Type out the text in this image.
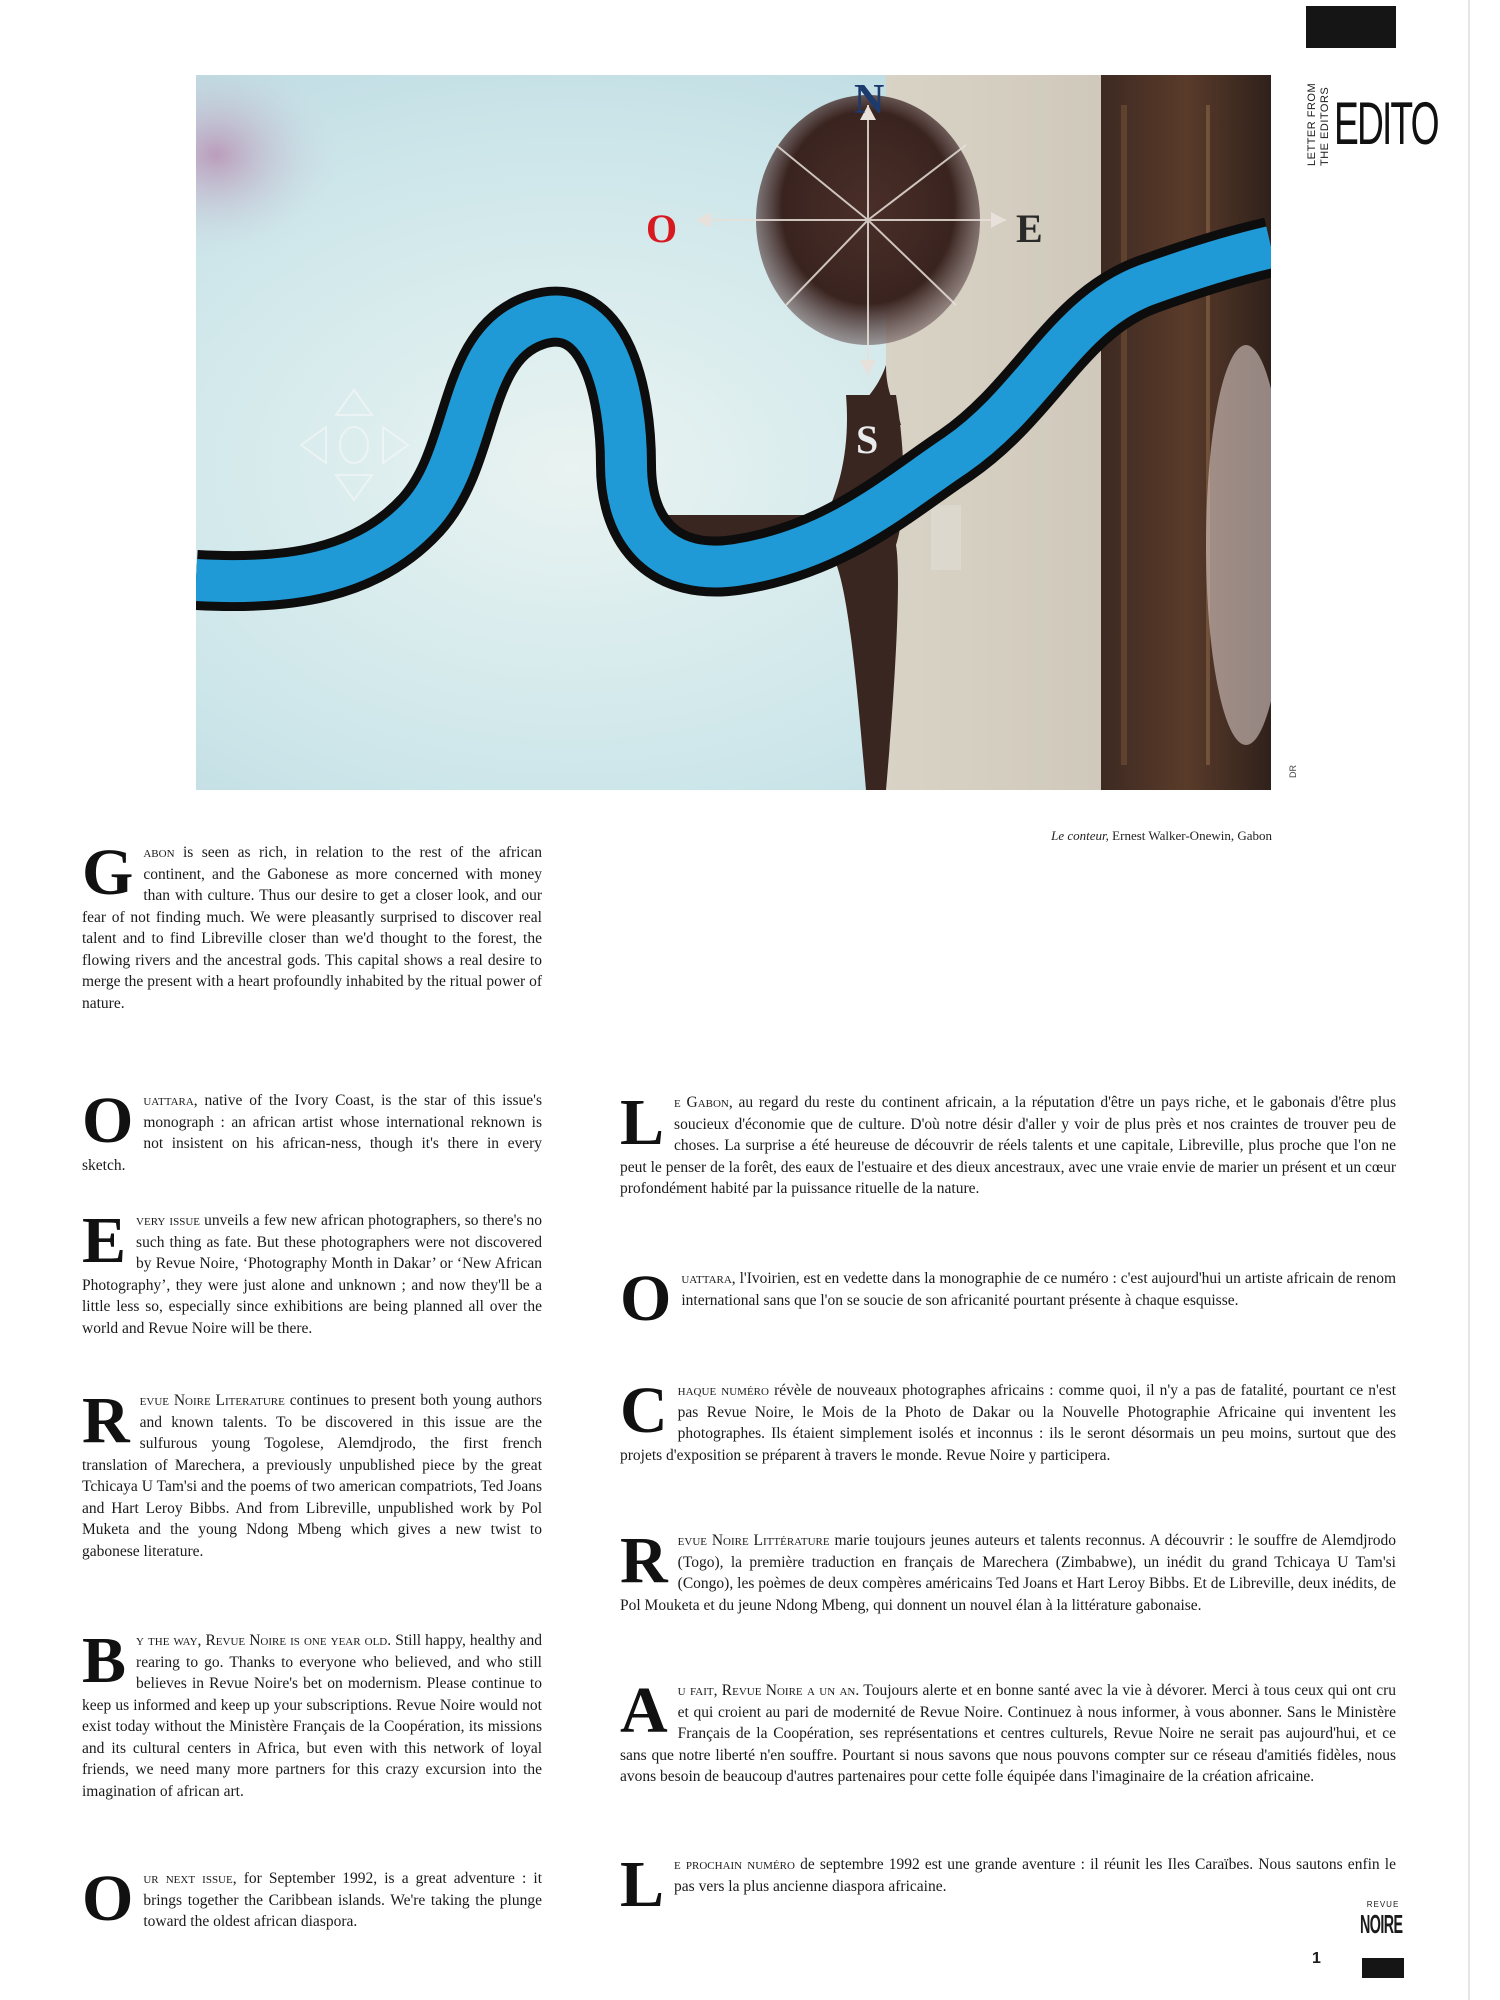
LETTER FROM THE EDITORS EDITO
O	E
N
S
DR
Le conteur, Ernest Walker-Onewin, Gabon
G abon is seen as rich, in relation to the rest of the african continent, and the Gabonese as more concerned with money than with culture. Thus our desire to get a closer look, and our fear of not finding much. We were pleasantly surprised to discover real talent and to find Libreville closer than we'd thought to the forest, the flowing rivers and the ancestral gods. This capital shows a real desire to merge the present with a heart profoundly inhabited by the ritual power of nature.

O uattara, native of the Ivory Coast, is the star of this issue's monograph : an african artist whose international reknown is not insistent on his african-ness, though it's there in every sketch.

E very issue unveils a few new african photographers, so there's no such thing as fate. But these photographers were not discovered by Revue Noire, ‘Photography Month in Dakar’ or ‘New African Photography’, they were just alone and unknown ; and now they'll be a little less so, especially since exhibitions are being planned all over the world and Revue Noire will be there.

R evue Noire Literature continues to present both young authors and known talents. To be discovered in this issue are the sulfurous young Togolese, Alemdjrodo, the first french translation of Marechera, a previously unpublished piece by the great Tchicaya U Tam'si and the poems of two american compatriots, Ted Joans and Hart Leroy Bibbs. And from Libreville, unpublished work by Pol Muketa and the young Ndong Mbeng which gives a new twist to gabonese literature.

B y the way, Revue Noire is one year old. Still happy, healthy and rearing to go. Thanks to everyone who believed, and who still believes in Revue Noire's bet on modernism. Please continue to keep us informed and keep up your subscriptions. Revue Noire would not exist today without the Ministère Français de la Coopération, its missions and its cultural centers in Africa, but even with this network of loyal friends, we need many more partners for this crazy excursion into the imagination of african art.

O ur next issue, for September 1992, is a great adventure : it brings together the Caribbean islands. We're taking the plunge toward the oldest african diaspora.

L e Gabon, au regard du reste du continent africain, a la réputation d'être un pays riche, et le gabonais d'être plus soucieux d'économie que de culture. D'où notre désir d'aller y voir de plus près et nos craintes de trouver peu de choses. La surprise a été heureuse de découvrir de réels talents et une capitale, Libreville, plus proche que l'on ne peut le penser de la forêt, des eaux de l'estuaire et des dieux ancestraux, avec une vraie envie de marier un présent et un cœur profondément habité par la puissance rituelle de la nature.

O uattara, l'Ivoirien, est en vedette dans la monographie de ce numéro : c'est aujourd'hui un artiste africain de renom international sans que l'on se soucie de son africanité pourtant présente à chaque esquisse.

C haque numéro révèle de nouveaux photographes africains : comme quoi, il n'y a pas de fatalité, pourtant ce n'est pas Revue Noire, le Mois de la Photo de Dakar ou la Nouvelle Photographie Africaine qui inventent les photographes. Ils étaient simplement isolés et inconnus : ils le seront désormais un peu moins, surtout que des projets d'exposition se préparent à travers le monde. Revue Noire y participera.

R evue Noire Littérature marie toujours jeunes auteurs et talents reconnus. A découvrir : le souffre de Alemdjrodo (Togo), la première traduction en français de Marechera (Zimbabwe), un inédit du grand Tchicaya U Tam'si (Congo), les poèmes de deux compères américains Ted Joans et Hart Leroy Bibbs. Et de Libreville, deux inédits, de Pol Mouketa et du jeune Ndong Mbeng, qui donnent un nouvel élan à la littérature gabonaise.

A u fait, Revue Noire a un an. Toujours alerte et en bonne santé avec la vie à dévorer. Merci à tous ceux qui ont cru et qui croient au pari de modernité de Revue Noire. Continuez à nous informer, à vous abonner. Sans le Ministère Français de la Coopération, ses représentations et centres culturels, Revue Noire ne serait pas aujourd'hui, et ce sans que notre liberté n'en souffre. Pourtant si nous savons que nous pouvons compter sur ce réseau d'amitiés fidèles, nous avons besoin de beaucoup d'autres partenaires pour cette folle équipée dans l'imaginaire de la création africaine.

L e prochain numéro de septembre 1992 est une grande aventure : il réunit les Iles Caraïbes. Nous sautons enfin le pas vers la plus ancienne diaspora africaine.

1
REVUE
NOIRE
